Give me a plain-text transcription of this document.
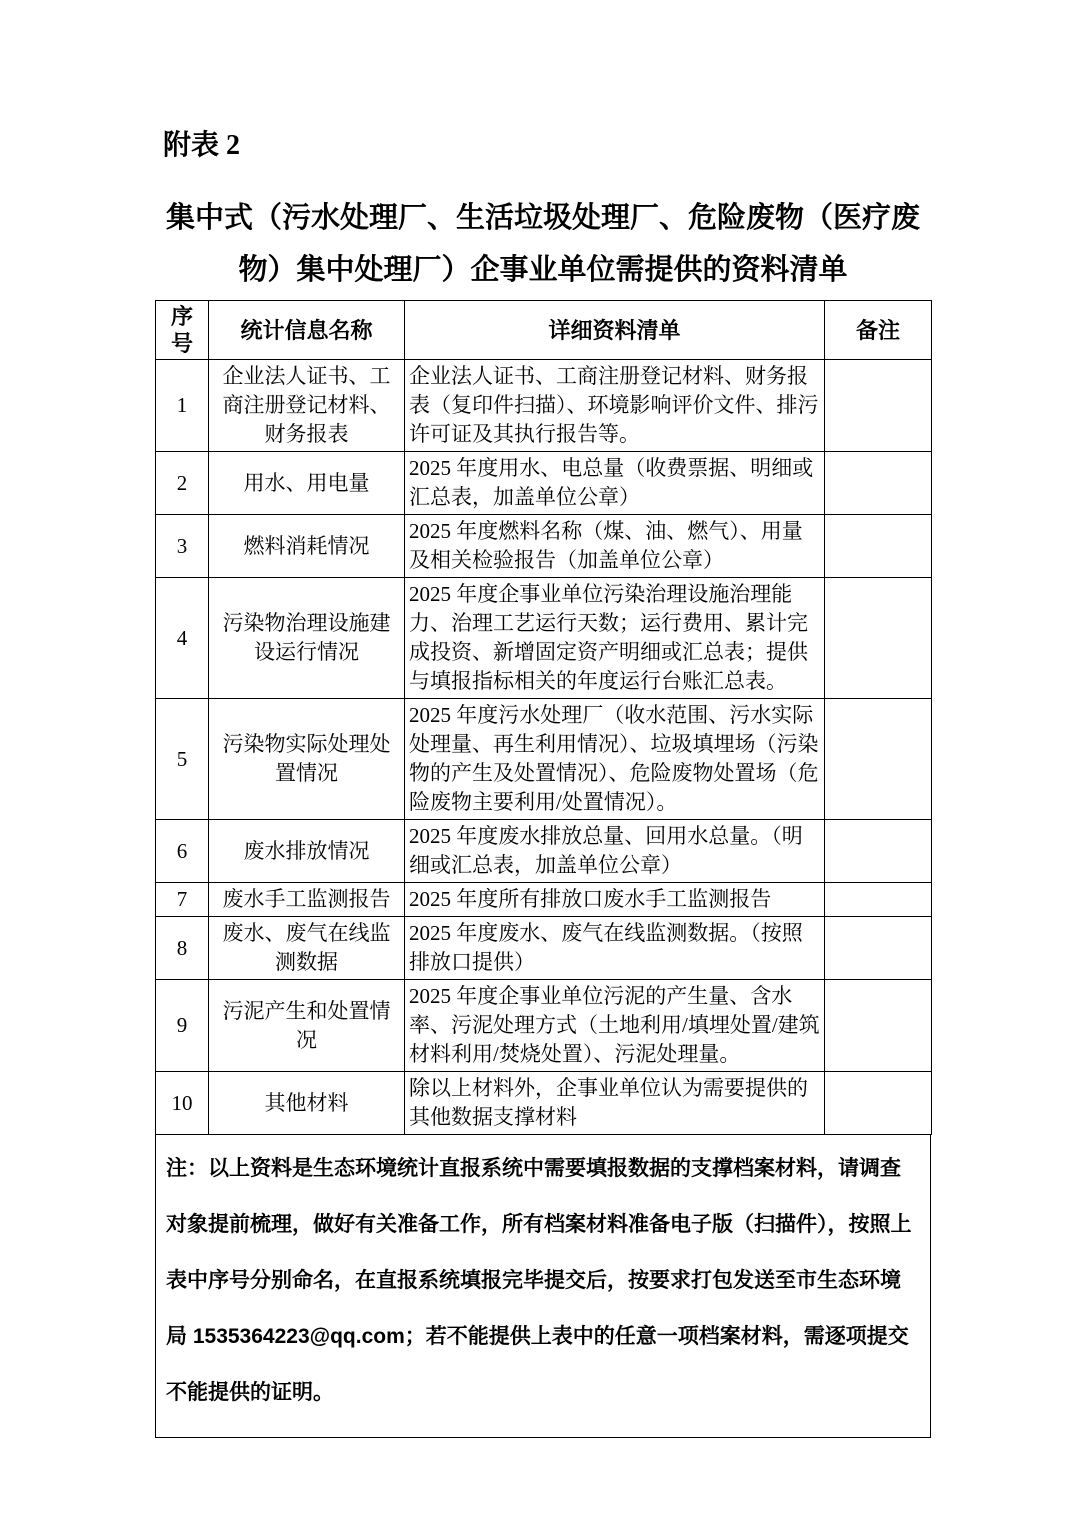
附表 2
集中式（污水处理厂、生活垃圾处理厂、危险废物（医疗废
物）集中处理厂）企事业单位需提供的资料清单
序号	统计信息名称	详细资料清单	备注
1	企业法人证书、工商注册登记材料、财务报表	企业法人证书、工商注册登记材料、财务报表（复印件扫描）、环境影响评价文件、排污许可证及其执行报告等。	
2	用水、用电量	2025 年度用水、电总量（收费票据、明细或汇总表，加盖单位公章）	
3	燃料消耗情况	2025 年度燃料名称（煤、油、燃气）、用量及相关检验报告（加盖单位公章）	
4	污染物治理设施建设运行情况	2025 年度企事业单位污染治理设施治理能力、治理工艺运行天数；运行费用、累计完成投资、新增固定资产明细或汇总表；提供与填报指标相关的年度运行台账汇总表。	
5	污染物实际处理处置情况	2025 年度污水处理厂（收水范围、污水实际处理量、再生利用情况）、垃圾填埋场（污染物的产生及处置情况）、危险废物处置场（危险废物主要利用/处置情况）。	
6	废水排放情况	2025 年度废水排放总量、回用水总量。（明细或汇总表，加盖单位公章）	
7	废水手工监测报告	2025 年度所有排放口废水手工监测报告	
8	废水、废气在线监测数据	2025 年度废水、废气在线监测数据。（按照排放口提供）	
9	污泥产生和处置情况	2025 年度企事业单位污泥的产生量、含水率、污泥处理方式（土地利用/填埋处置/建筑材料利用/焚烧处置）、污泥处理量。	
10	其他材料	除以上材料外，企事业单位认为需要提供的其他数据支撑材料	
注：以上资料是生态环境统计直报系统中需要填报数据的支撑档案材料，请调查对象提前梳理，做好有关准备工作，所有档案材料准备电子版（扫描件），按照上表中序号分别命名，在直报系统填报完毕提交后，按要求打包发送至市生态环境局 1535364223@qq.com；若不能提供上表中的任意一项档案材料，需逐项提交不能提供的证明。
